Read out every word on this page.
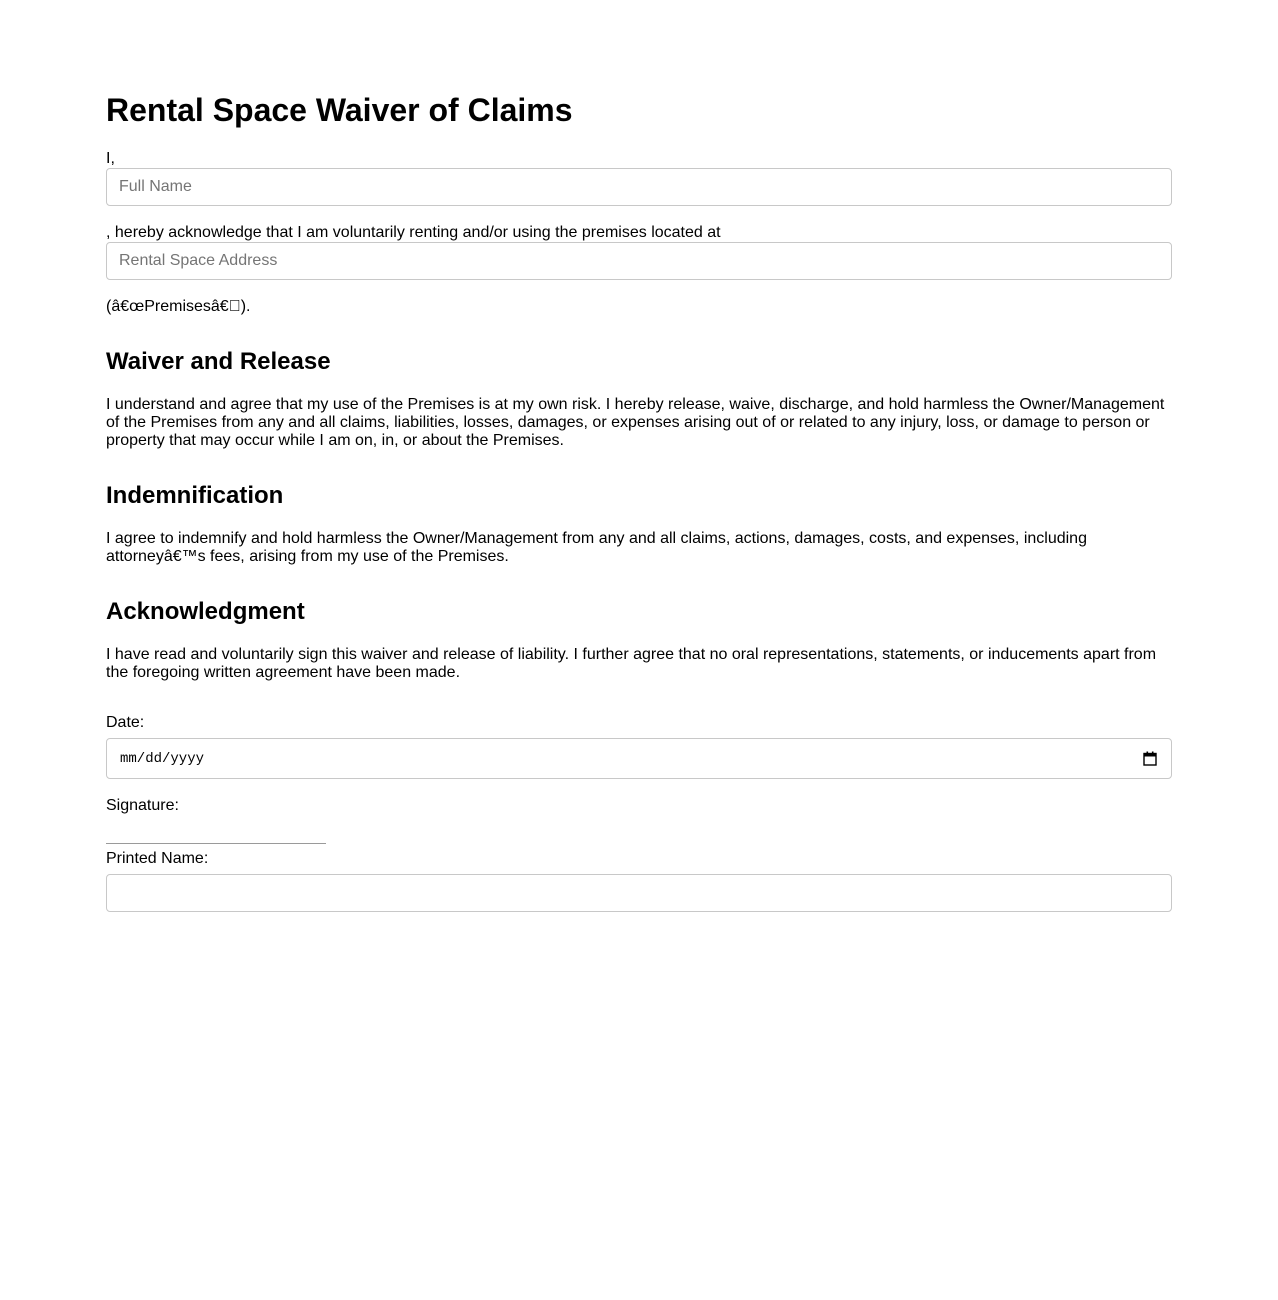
Rental Space Waiver of Claims

I,

Full Name

, hereby acknowledge that I am voluntarily renting and/or using the premises located at

Rental Space Address

(â€œPremisesâ€ ).

Waiver and Release

I understand and agree that my use of the Premises is at my own risk. I hereby release, waive, discharge, and hold harmless the Owner/Management of the Premises from any and all claims, liabilities, losses, damages, or expenses arising out of or related to any injury, loss, or damage to person or property that may occur while I am on, in, or about the Premises.

Indemnification

I agree to indemnify and hold harmless the Owner/Management from any and all claims, actions, damages, costs, and expenses, including attorneyâ€™s fees, arising from my use of the Premises.

Acknowledgment

I have read and voluntarily sign this waiver and release of liability. I further agree that no oral representations, statements, or inducements apart from the foregoing written agreement have been made.

Date:

mm/dd/yyyy

Signature:

Printed Name:
